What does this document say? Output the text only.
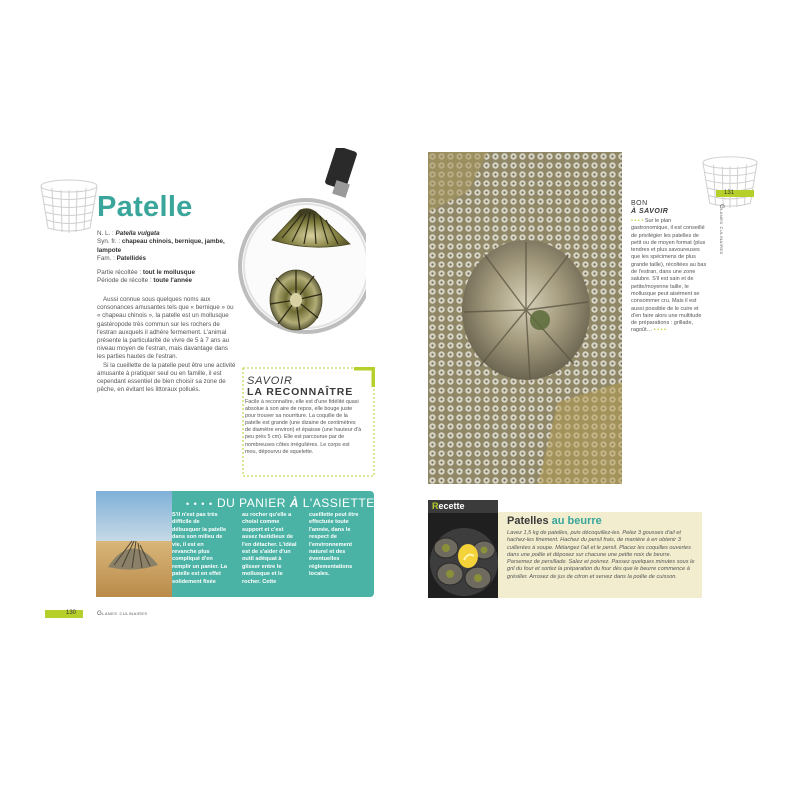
Patelle
N. L. : Patella vulgata
Syn. fr. : chapeau chinois, bernique, jambe, lampote
Fam. : Patellidés
Partie récoltée : tout le mollusque
Période de récolte : toute l'année

Aussi connue sous quelques noms aux consonances amusantes tels que « bernique » ou « chapeau chinois », la patelle est un mollusque gastéropode très commun sur les rochers de l'estran auxquels il adhère fermement. L'animal présente la particularité de vivre de 5 à 7 ans au niveau moyen de l'estran, mais davantage dans les parties hautes de l'estran.

Si la cueillette de la patelle peut être une activité amusante à pratiquer seul ou en famille, il est cependant essentiel de bien choisir sa zone de pêche, en évitant les littoraux pollués.

SAVOIR
LA RECONNAÎTRE
Facile à reconnaître, elle est d'une fidélité quasi absolue à son aire de repos, elle bouge juste pour trouver sa nourriture. La coquille de la patelle est grande (une dizaine de centimètres de diamètre environ) et épaisse (une hauteur d'à peu près 5 cm). Elle est parcourue par de nombreuses côtes irrégulières. Le corps est mou, dépourvu de squelette.
• • • • DU PANIER À L'ASSIETTE
S'il n'est pas très difficile de débusquer la patelle dans son milieu de vie, il est en revanche plus compliqué d'en remplir un panier. La patelle est en effet solidement fixée
au rocher qu'elle a choisi comme support et c'est assez fastidieux de l'en détacher. L'idéal est de s'aider d'un outil adéquat à glisser entre le mollusque et le rocher. Cette
cueillette peut être effectuée toute l'année, dans le respect de l'environnement naturel et des éventuelles réglementations locales.
130	Glanes culinaires
BON
À SAVOIR
• • • • Sur le plan gastronomique, il est conseillé de privilégier les patelles de petit ou de moyen format (plus tendres et plus savoureuses que les spécimens de plus grande taille), récoltées au bas de l'estran, dans une zone salubre. S'il est sain et de petite/moyenne taille, le mollusque peut aisément se consommer cru. Mais il est aussi possible de le cuire et d'en faire alors une multitude de préparations : grillade, ragoût… • • • •
131
Glanes culinaires
Recette
Patelles au beurre
Lavez 1,5 kg de patelles, puis décoquillez-les. Pelez 3 gousses d'ail et hachez-les finement. Hachez du persil frais, de manière à en obtenir 3 cuillerées à soupe. Mélangez l'ail et le persil. Placez les coquilles ouvertes dans une poêle et déposez sur chacune une petite noix de beurre. Parsemez de persillade. Salez et poivrez. Passez quelques minutes sous le gril du four et sortez la préparation du four dès que le beurre commence à grésiller. Arrosez de jus de citron et servez dans la poêle de cuisson.
